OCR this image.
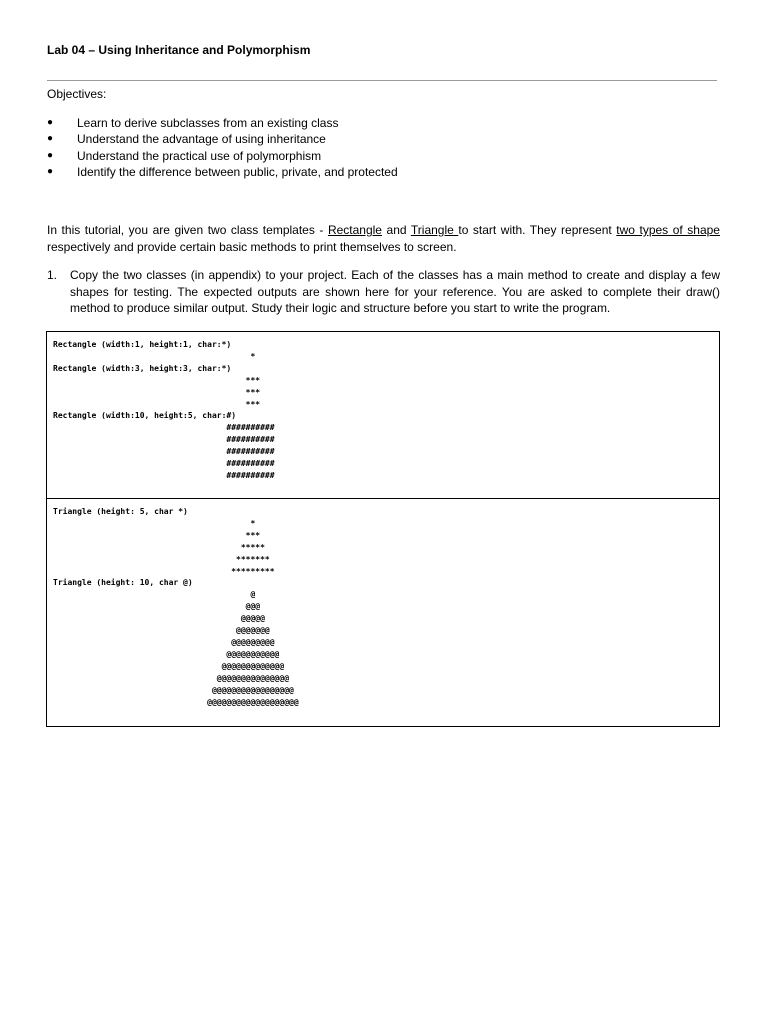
Lab 04 – Using Inheritance and Polymorphism
Objectives:
● Learn to derive subclasses from an existing class
● Understand the advantage of using inheritance
● Understand the practical use of polymorphism
● Identify the difference between public, private, and protected
In this tutorial, you are given two class templates - Rectangle and Triangle to start with. They represent two types of shape respectively and provide certain basic methods to print themselves to screen.
1. Copy the two classes (in appendix) to your project. Each of the classes has a main method to create and display a few shapes for testing. The expected outputs are shown here for your reference. You are asked to complete their draw() method to produce similar output. Study their logic and structure before you start to write the program.
Rectangle (width:1, height:1, char:*)
*
Rectangle (width:3, height:3, char:*)
***
***
***
Rectangle (width:10, height:5, char:#)
##########
##########
##########
##########
##########
Triangle (height: 5, char *)
*
***
*****
*******
*********
Triangle (height: 10, char @)
@
@@@
@@@@@
@@@@@@@
@@@@@@@@@
@@@@@@@@@@@
@@@@@@@@@@@@@
@@@@@@@@@@@@@@@
@@@@@@@@@@@@@@@@@
@@@@@@@@@@@@@@@@@@@
